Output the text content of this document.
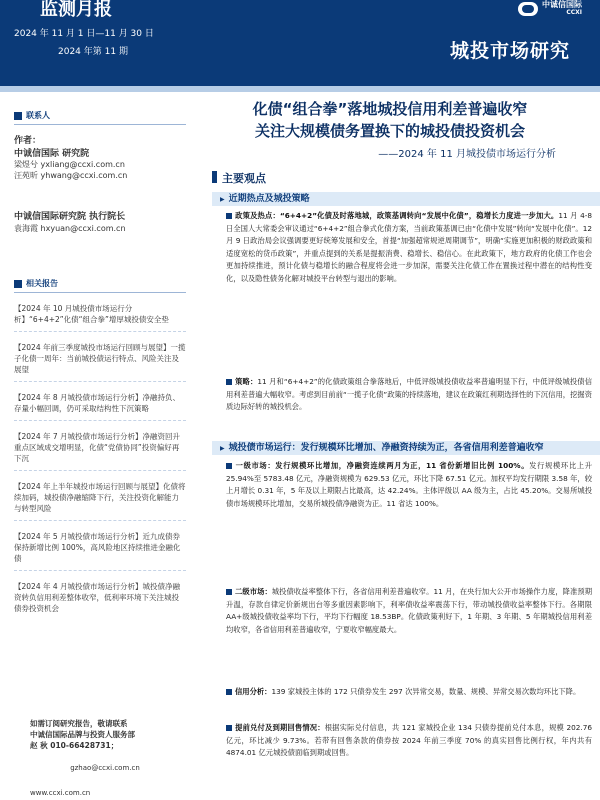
监测月报
2024 年 11 月 1 日—11 月 30 日
2024 年第 11 期
中诚信国际
CCXI
城投市场研究
化债“组合拳”落地城投信用利差普遍收窄
关注大规模债务置换下的城投债投资机会
——2024 年 11 月城投债市场运行分析
联系人
作者：
中诚信国际 研究院
梁煜兮 yxliang@ccxi.com.cn
汪苑昕 yhwang@ccxi.com.cn
中诚信国际研究院 执行院长
袁海霞 hxyuan@ccxi.com.cn
相关报告
【2024 年 10 月城投债市场运行分析】“6+4+2”化债“组合拳”增厚城投债安全垫
【2024 年前三季度城投市场运行回顾与展望】一揽子化债一周年：当前城投债运行特点、风险关注及展望
【2024 年 8 月城投债市场运行分析】净融持负、存量小幅回调，仍可采取结构性下沉策略
【2024 年 7 月城投债市场运行分析】净融资回升重点区域成交增明显，化债“党债协同”投资偏好再下沉
【2024 年上半年城投市场运行回顾与展望】化债将续加码，城投债净融缩降下行，关注投资化解能力与转型风险
【2024 年 5 月城投债市场运行分析】近九成债券保持新增比例 100%，高风险地区持续推进金融化债
【2024 年 4 月城投债市场运行分析】城投债净融资转负信用利差整体收窄，低利率环境下关注城投债券投资机会
如需订阅研究报告，敬请联系
中诚信国际品牌与投资人服务部
赵 秋 010-66428731；
gzhao@ccxi.com.cn
www.ccxi.com.cn
主要观点
▶ 近期热点及城投策略
政策及热点：“6+4+2”化债及时落地城，政策基调转向“发展中化债”，稳增长力度进一步加大。11 月 4-8 日全国人大常委会审议通过“6+4+2”组合拳式化债方案，当前政策基调已由“化债中发展”转向“发展中化债”。12 月 9 日政治局会议强调要更好统筹发展和安全，首提“加强超常规逆周期调节”，明确“实施更加积极的财政政策和适度宽松的货币政策”，并重点提到的关系是提振消费、稳增长、稳信心。在此政策下，地方政府的化债工作也会更加持续推进，预计化债与稳增长的融合程度将会进一步加深，需要关注化债工作在置换过程中潜在的结构性变化，以及隐性债务化解对城投平台转型与退出的影响。
策略：11 月和“6+4+2”的化债政策组合拳落地后，中低评级城投债收益率普遍明显下行，中低评级城投债信用利差普遍大幅收窄。考虑到目前前“一揽子化债”政策的持续落地，建议在政策红利期选择性的下沉信用，挖掘资质边际好转的城投机会。
▶ 城投债市场运行：发行规模环比增加、净融资持续为正，各省信用利差普遍收窄
一级市场：发行规模环比增加，净融资连续两月为正，11 省份新增旧比例 100%。发行规模环比上升 25.94%至 5783.48 亿元，净融资规模为 629.53 亿元，环比下降 67.51 亿元。加权平均发行期限 3.58 年，较上月增长 0.31 年，5 年及以上期限占比最高，达 42.24%。主体评级以 AA 级为主，占比 45.20%。交易所城投债市场规模环比增加，交易所城投债净融资为正。11 省达 100%。
二级市场：城投债收益率整体下行，各省信用利差普遍收窄。11 月，在央行加大公开市场操作力度，降准预期升温，存款自律定价新规出台等多重因素影响下，利率债收益率震荡下行，带动城投债收益率整体下行。各期限 AA+级城投债收益率均下行，平均下行幅度 18.53BP。化债政策利好下，1 年期、3 年期、5 年期城投信用利差均收窄，各省信用利差普遍收窄，宁夏收窄幅度最大。
信用分析：139 家城投主体的 172 只债券发生 297 次异常交易，数量、规模、异常交易次数均环比下降。
提前兑付及到期回售情况：根据实际兑付信息，共 121 家城投企业 134 只债券提前兑付本息，规模 202.76 亿元，环比减少 9.73%。若带有回售条款的债券按 2024 年前三季度 70% 的真实回售比例行权，年内共有 4874.01 亿元城投债面临到期或回售。
